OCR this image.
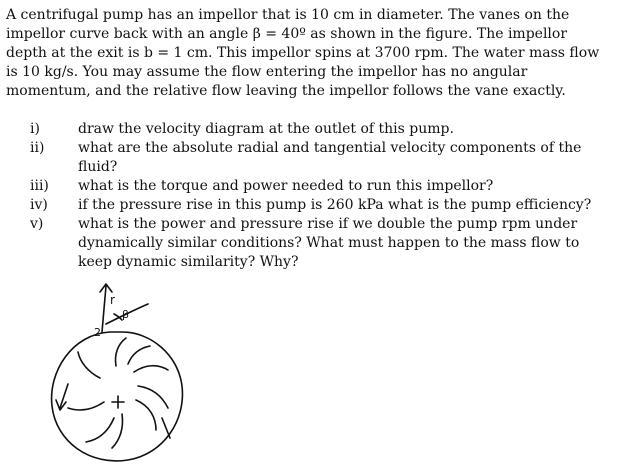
A centrifugal pump has an impellor that is 10 cm in diameter. The vanes on the impellor curve back with an angle β = 40º as shown in the figure. The impellor depth at the exit is b = 1 cm. This impellor spins at 3700 rpm. The water mass flow is 10 kg/s. You may assume the flow entering the impellor has no angular momentum, and the relative flow leaving the impellor follows the vane exactly.

i)	draw the velocity diagram at the outlet of this pump.
ii)	what are the absolute radial and tangential velocity components of the fluid?
iii)	what is the torque and power needed to run this impellor?
iv)	if the pressure rise in this pump is 260 kPa what is the pump efficiency?
v)	what is the power and pressure rise if we double the pump rpm under dynamically similar conditions? What must happen to the mass flow to keep dynamic similarity? Why?
2
r
β
